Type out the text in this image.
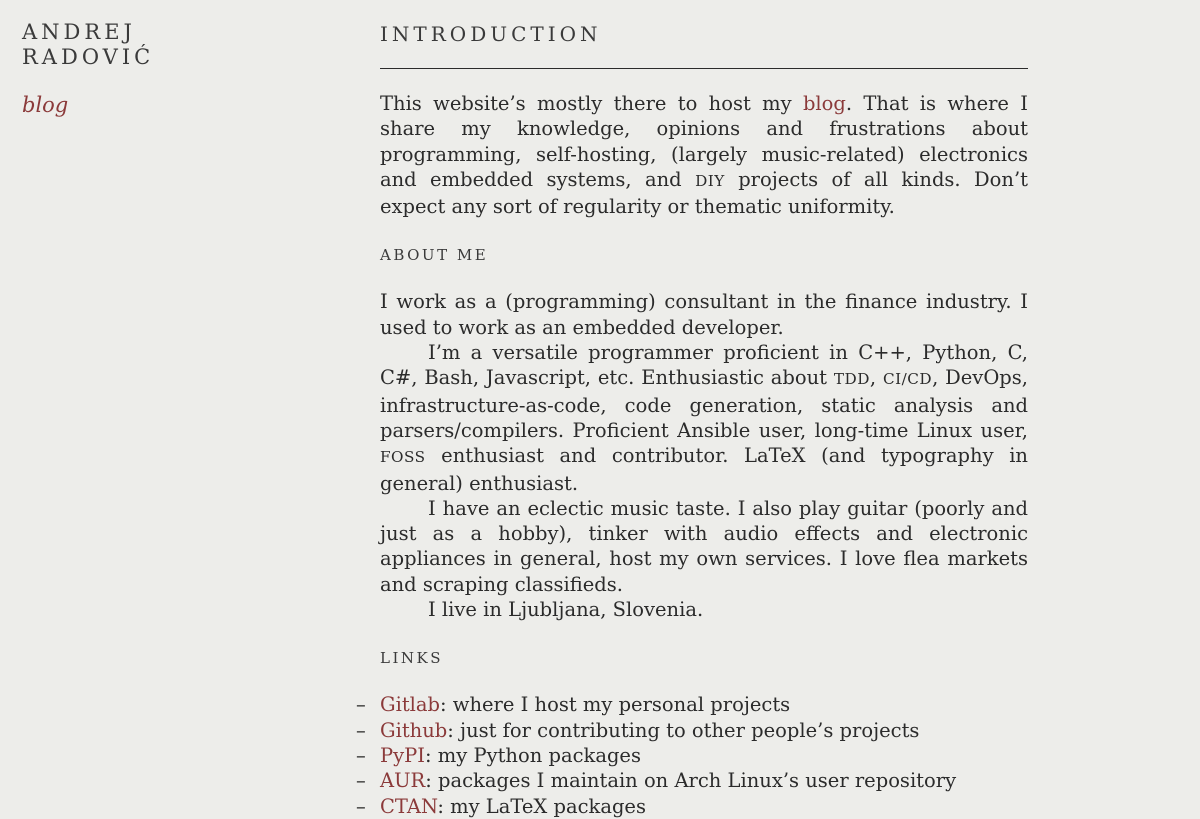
ANDREJ
RADOVIĆ
blog
INTRODUCTION

This website’s mostly there to host my blog. That is where I share my knowledge, opinions and frustrations about programming, self-hosting, (largely music-related) electronics and embedded systems, and DIY projects of all kinds. Don’t expect any sort of regularity or thematic uniformity.

ABOUT ME

I work as a (programming) consultant in the finance industry. I used to work as an embedded developer.

I’m a versatile programmer proficient in C++, Python, C, C#, Bash, Javascript, etc. Enthusiastic about TDD, CI/CD, DevOps, infrastructure-as-code, code generation, static analysis and parsers/compilers. Proficient Ansible user, long-time Linux user, FOSS enthusiast and contributor. LaTeX (and typography in general) enthusiast.

I have an eclectic music taste. I also play guitar (poorly and just as a hobby), tinker with audio effects and electronic appliances in general, host my own services. I love flea markets and scraping classifieds.

I live in Ljubljana, Slovenia.

LINKS
– Gitlab: where I host my personal projects
– Github: just for contributing to other people’s projects
– PyPI: my Python packages
– AUR: packages I maintain on Arch Linux’s user repository
– CTAN: my LaTeX packages
